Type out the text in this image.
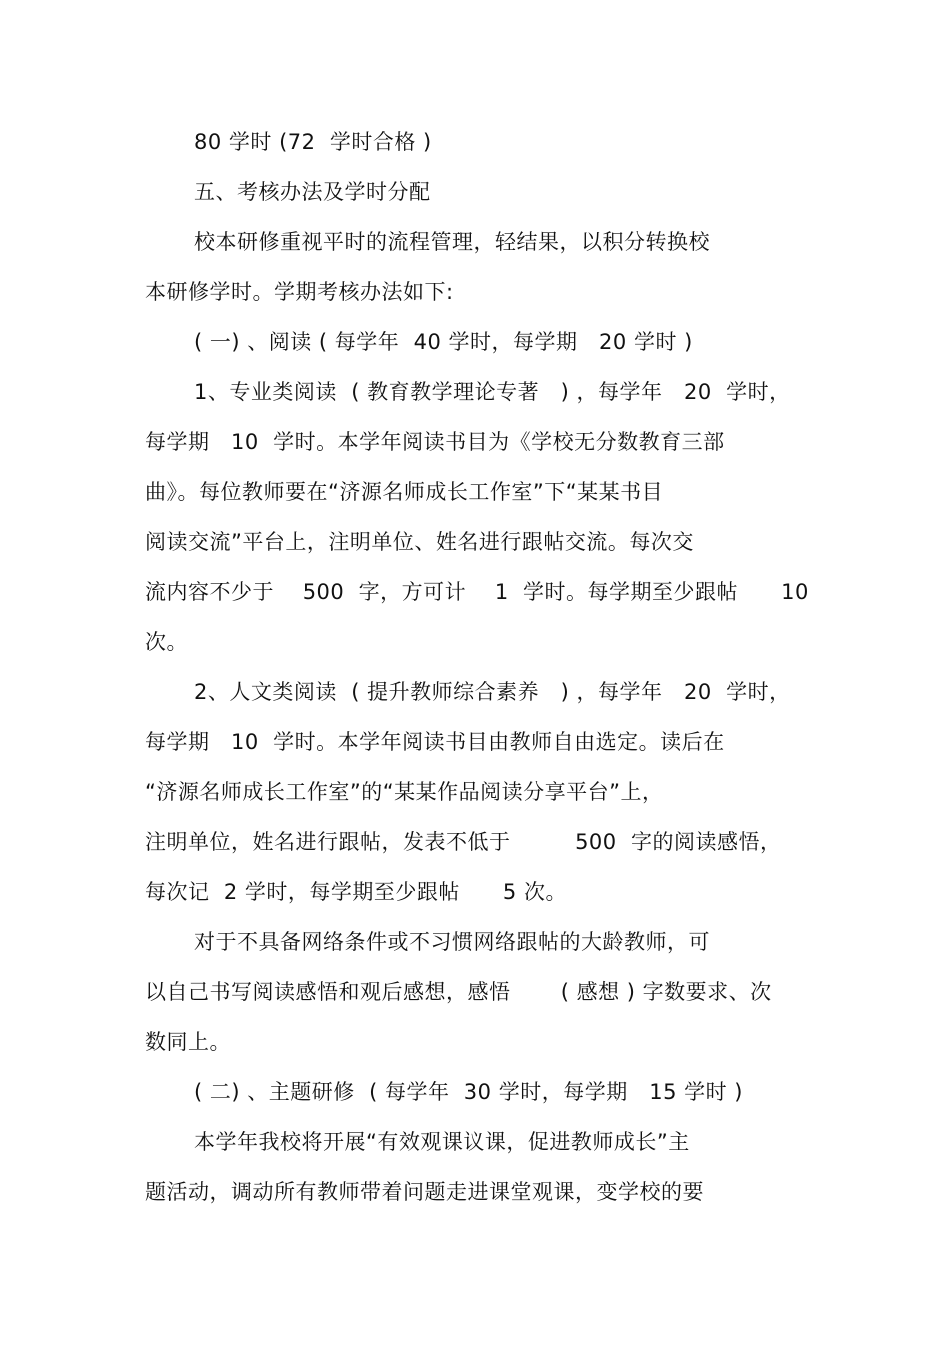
80 学时 (72  学时合格 )
五、考核办法及学时分配
校本研修重视平时的流程管理，轻结果，以积分转换校
本研修学时。学期考核办法如下:
( 一) 、阅读 ( 每学年  40 学时，每学期   20 学时 )
1、专业类阅读  ( 教育教学理论专著   ) ，每学年   20  学时，
每学期   10  学时。本学年阅读书目为《学校无分数教育三部
曲》。每位教师要在“济源名师成长工作室”下“某某书目
阅读交流”平台上，注明单位、姓名进行跟帖交流。每次交
流内容不少于    500  字，方可计    1  学时。每学期至少跟帖      10
次。
2、人文类阅读  ( 提升教师综合素养   ) ，每学年   20  学时，
每学期   10  学时。本学年阅读书目由教师自由选定。读后在
“济源名师成长工作室”的“某某作品阅读分享平台”上，
注明单位，姓名进行跟帖，发表不低于         500  字的阅读感悟，
每次记  2 学时，每学期至少跟帖      5 次。
对于不具备网络条件或不习惯网络跟帖的大龄教师，可
以自己书写阅读感悟和观后感想，感悟       ( 感想 ) 字数要求、次
数同上。
( 二) 、主题研修  ( 每学年  30 学时，每学期   15 学时 )
本学年我校将开展“有效观课议课，促进教师成长”主
题活动，调动所有教师带着问题走进课堂观课，变学校的要
